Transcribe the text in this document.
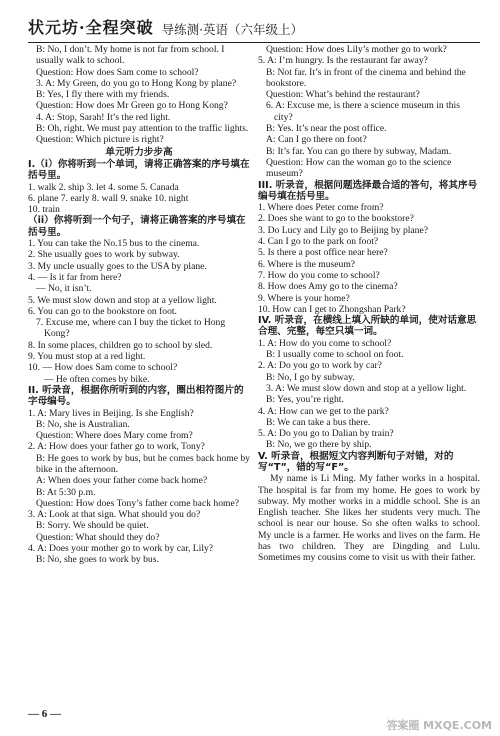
状元坊·全程突破 导练测·英语（六年级上）
B: No, I don’t. My home is not far from school. I usually walk to school.
Question: How does Sam come to school?
3. A: My Green, do you go to Hong Kong by plane?
B: Yes, I fly there with my friends.
Question: How does Mr Green go to Hong Kong?
4. A: Stop, Sarah! It’s the red light.
B: Oh, right. We must pay attention to the traffic lights.
Question: Which picture is right?
单元听力步步高
I.（i）你将听到一个单词，请将正确答案的序号填在括号里。
1. walk 2. ship 3. let 4. some 5. Canada
6. plane 7. early 8. wall 9. snake 10. night
10. train
（ii）你将听到一个句子，请将正确答案的序号填在括号里。
1. You can take the No.15 bus to the cinema.
2. She usually goes to work by subway.
3. My uncle usually goes to the USA by plane.
4. — Is it far from here?
— No, it isn’t.
5. We must slow down and stop at a yellow light.
6. You can go to the bookstore on foot.
7. Excuse me, where can I buy the ticket to Hong Kong?
8. In some places, children go to school by sled.
9. You must stop at a red light.
10. — How does Sam come to school?
— He often comes by bike.
II. 听录音，根据你所听到的内容，圈出相符图片的字母编号。
1. A: Mary lives in Beijing. Is she English?
B: No, she is Australian.
Question: Where does Mary come from?
2. A: How does your father go to work, Tony?
B: He goes to work by bus, but he comes back home by bike in the afternoon.
A: When does your father come back home?
B: At 5:30 p.m.
Question: How does Tony’s father come back home?
3. A: Look at that sign. What should you do?
B: Sorry. We should be quiet.
Question: What should they do?
4. A: Does your mother go to work by car, Lily?
B: No, she goes to work by bus.
Question: How does Lily’s mother go to work?
5. A: I’m hungry. Is the restaurant far away?
B: Not far. It’s in front of the cinema and behind the bookstore.
Question: What’s behind the restaurant?
6. A: Excuse me, is there a science museum in this city?
B: Yes. It’s near the post office.
A: Can I go there on foot?
B: It’s far. You can go there by subway, Madam.
Question: How can the woman go to the science museum?
III. 听录音，根据问题选择最合适的答句，将其序号编号填在括号里。
1. Where does Peter come from?
2. Does she want to go to the bookstore?
3. Do Lucy and Lily go to Beijing by plane?
4. Can I go to the park on foot?
5. Is there a post office near here?
6. Where is the museum?
7. How do you come to school?
8. How does Amy go to the cinema?
9. Where is your home?
10. How can I get to Zhongshan Park?
IV. 听录音，在横线上填入所缺的单词，使对话意思合理、完整，每空只填一词。
1. A: How do you come to school?
B: I usually come to school on foot.
2. A: Do you go to work by car?
B: No, I go by subway.
3. A: We must slow down and stop at a yellow light.
B: Yes, you’re right.
4. A: How can we get to the park?
B: We can take a bus there.
5. A: Do you go to Dalian by train?
B: No, we go there by ship.
V. 听录音，根据短文内容判断句子对错，对的写“T”，错的写“F”。
My name is Li Ming. My father works in a hospital. The hospital is far from my home. He goes to work by subway. My mother works in a middle school. She is an English teacher. She likes her students very much. The school is near our house. So she often walks to school. My uncle is a farmer. He works and lives on the farm. He has two children. They are Dingding and Lulu. Sometimes my cousins come to visit us with their father.
— 6 —
答案圈 MXQE.COM
